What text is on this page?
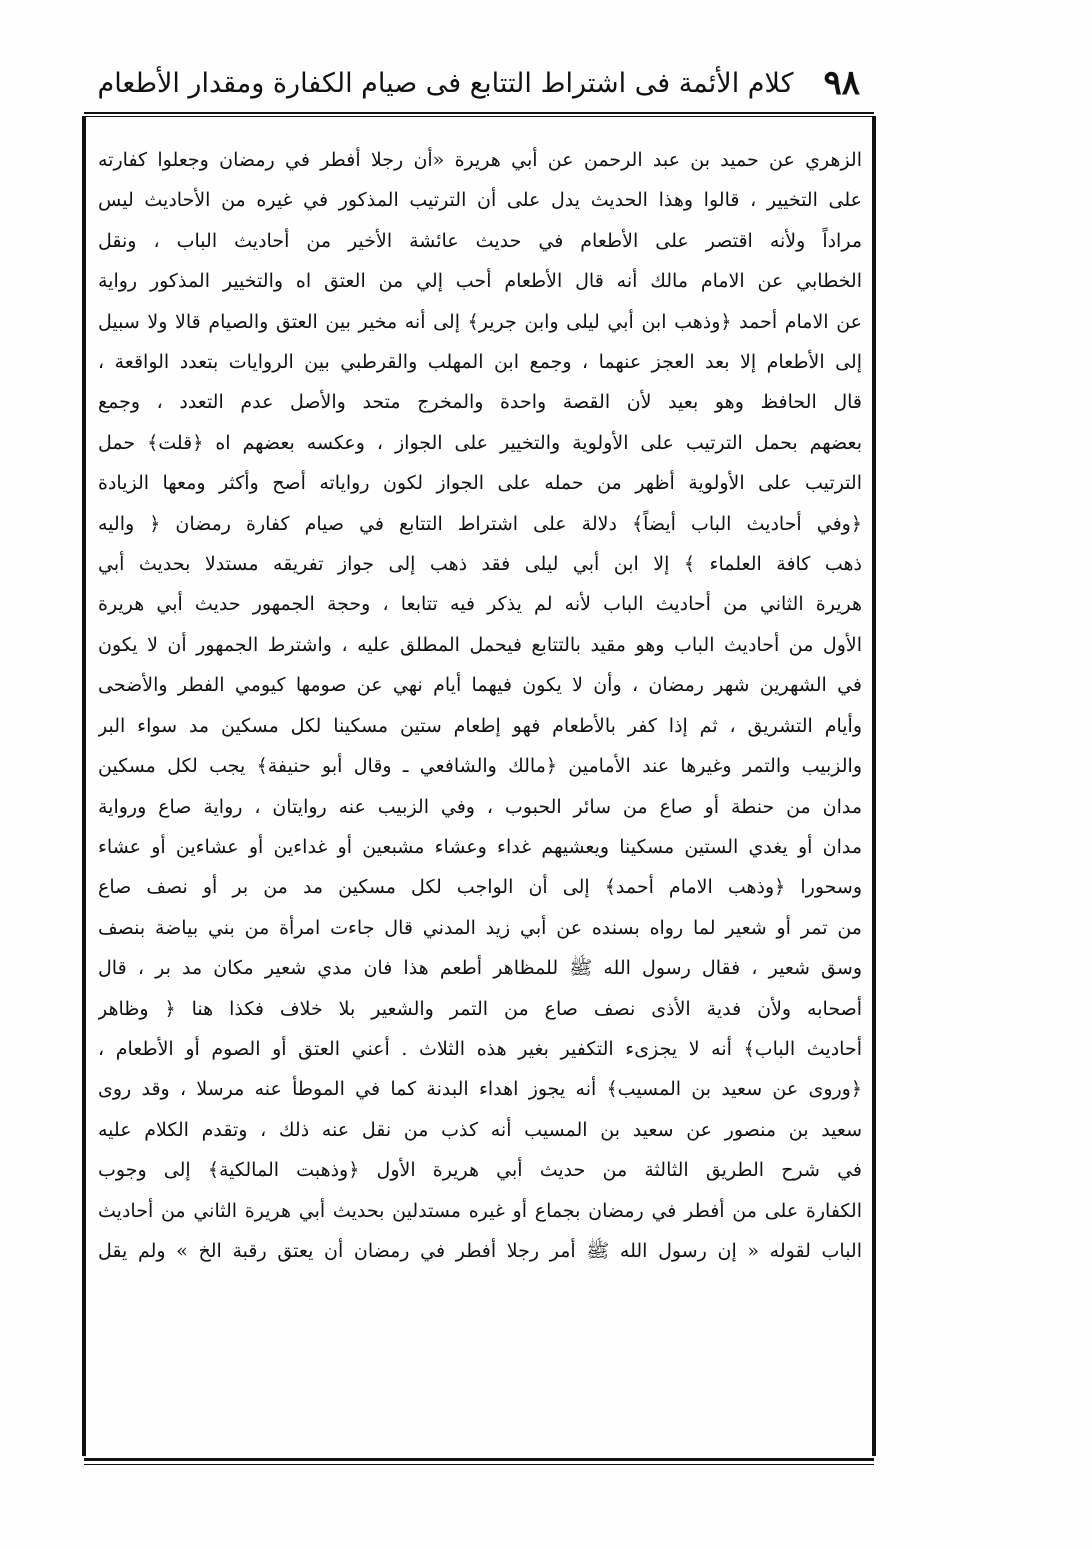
٩٨
كلام الأئمة فى اشتراط التتابع فى صيام الكفارة ومقدار الأطعام
الزهري عن حميد بن عبد الرحمن عن أبي هريرة «أن رجلا أفطر في رمضان وجعلوا كفارته
على التخيير ، قالوا وهذا الحديث يدل على أن الترتيب المذكور في غيره من الأحاديث ليس
مراداً ولأنه اقتصر على الأطعام في حديث عائشة الأخير من أحاديث الباب ، ونقل
الخطابي عن الامام مالك أنه قال الأطعام أحب إلي من العتق اه والتخيير المذكور رواية
عن الامام أحمد ﴿وذهب ابن أبي ليلى وابن جرير﴾ إلى أنه مخير بين العتق والصيام قالا ولا سبيل
إلى الأطعام إلا بعد العجز عنهما ، وجمع ابن المهلب والقرطبي بين الروايات بتعدد الواقعة ،
قال الحافظ وهو بعيد لأن القصة واحدة والمخرج متحد والأصل عدم التعدد ، وجمع
بعضهم بحمل الترتيب على الأولوية والتخيير على الجواز ، وعكسه بعضهم اه ﴿قلت﴾ حمل
الترتيب على الأولوية أظهر من حمله على الجواز لكون رواياته أصح وأكثر ومعها الزيادة
﴿وفي أحاديث الباب أيضاً﴾ دلالة على اشتراط التتابع في صيام كفارة رمضان ﴿ واليه
ذهب كافة العلماء ﴾ إلا ابن أبي ليلى فقد ذهب إلى جواز تفريقه مستدلا بحديث أبي
هريرة الثاني من أحاديث الباب لأنه لم يذكر فيه تتابعا ، وحجة الجمهور حديث أبي هريرة
الأول من أحاديث الباب وهو مقيد بالتتابع فيحمل المطلق عليه ، واشترط الجمهور أن لا يكون
في الشهرين شهر رمضان ، وأن لا يكون فيهما أيام نهي عن صومها كيومي الفطر والأضحى
وأيام التشريق ، ثم إذا كفر بالأطعام فهو إطعام ستين مسكينا لكل مسكين مد سواء البر
والزبيب والتمر وغيرها عند الأمامين ﴿مالك والشافعي ـ وقال أبو حنيفة﴾ يجب لكل مسكين
مدان من حنطة أو صاع من سائر الحبوب ، وفي الزبيب عنه روايتان ، رواية صاع ورواية
مدان أو يغدي الستين مسكينا ويعشيهم غداء وعشاء مشبعين أو غداءين أو عشاءين أو عشاء
وسحورا ﴿وذهب الامام أحمد﴾ إلى أن الواجب لكل مسكين مد من بر أو نصف صاع
من تمر أو شعير لما رواه بسنده عن أبي زيد المدني قال جاءت امرأة من بني بياضة بنصف
وسق شعير ، فقال رسول الله ﷺ للمظاهر أطعم هذا فان مدي شعير مكان مد بر ، قال
أصحابه ولأن فدية الأذى نصف صاع من التمر والشعير بلا خلاف فكذا هنا ﴿ وظاهر
أحاديث الباب﴾ أنه لا يجزىء التكفير بغير هذه الثلاث . أعني العتق أو الصوم أو الأطعام ،
﴿وروى عن سعيد بن المسيب﴾ أنه يجوز اهداء البدنة كما في الموطأ عنه مرسلا ، وقد روى
سعيد بن منصور عن سعيد بن المسيب أنه كذب من نقل عنه ذلك ، وتقدم الكلام عليه
في شرح الطريق الثالثة من حديث أبي هريرة الأول ﴿وذهبت المالكية﴾ إلى وجوب
الكفارة على من أفطر في رمضان بجماع أو غيره مستدلين بحديث أبي هريرة الثاني من أحاديث
الباب لقوله « إن رسول الله ﷺ أمر رجلا أفطر في رمضان أن يعتق رقبة الخ » ولم يقل
